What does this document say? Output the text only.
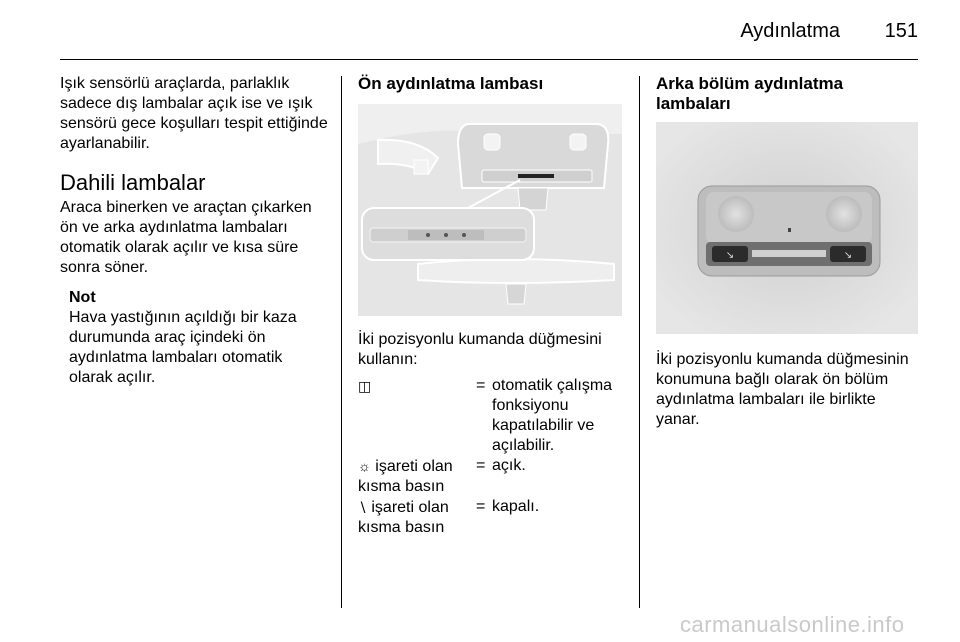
Aydınlatma 151

Işık sensörlü araçlarda, parlaklık sadece dış lambalar açık ise ve ışık sensörü gece koşulları tespit ettiğinde ayarlanabilir.

Dahili lambalar

Araca binerken ve araçtan çıkarken ön ve arka aydınlatma lambaları otomatik olarak açılır ve kısa süre sonra söner.

Not

Hava yastığının açıldığı bir kaza durumunda araç içindeki ön aydınlatma lambaları otomatik olarak açılır.

Ön aydınlatma lambası

İki pozisyonlu kumanda düğmesini kullanın:

◫	= otomatik çalışma fonksiyonu kapatılabilir ve açılabilir.
☼ işareti olan kısma basın
= açık.
∖ işareti olan kısma basın
= kapalı.
Arka bölüm aydınlatma lambaları
↘	↘

İki pozisyonlu kumanda düğmesinin konumuna bağlı olarak ön bölüm aydınlatma lambaları ile birlikte yanar.

carmanualsonline.info
